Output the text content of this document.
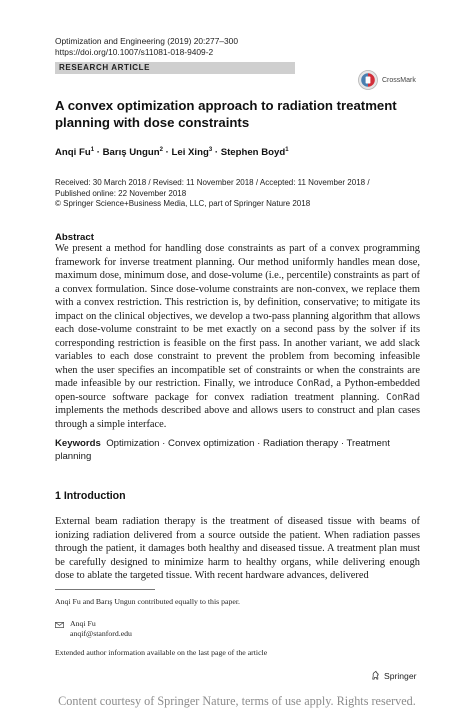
Optimization and Engineering (2019) 20:277–300
https://doi.org/10.1007/s11081-018-9409-2
RESEARCH ARTICLE
CrossMark
A convex optimization approach to radiation treatment
planning with dose constraints
Anqi $Fu^1$ · Barış Ungun$^2$ · Lei Xing$^3$ · Stephen Boyd$^1$
Received: 30 March 2018 / Revised: 11 November 2018 / Accepted: 11 November 2018 /
Published online: 22 November 2018
© Springer Science+Business Media, LLC, part of Springer Nature 2018
Abstract
We present a method for handling dose constraints as part of a convex programming framework for inverse treatment planning. Our method uniformly handles mean dose, maximum dose, minimum dose, and dose-volume (i.e., percentile) constraints as part of a convex formulation. Since dose-volume constraints are non-convex, we replace them with a convex restriction. This restriction is, by definition, conservative; to mitigate its impact on the clinical objectives, we develop a two-pass planning algorithm that allows each dose-volume constraint to be met exactly on a second pass by the solver if its corresponding restriction is feasible on the first pass. In another variant, we add slack variables to each dose constraint to prevent the problem from becoming infeasible when the user specifies an incompatible set of constraints or when the constraints are made infeasible by our restriction. Finally, we introduce ConRad, a Python-embedded open-source software package for convex radiation treatment planning. ConRad implements the methods described above and allows users to construct and plan cases through a simple interface.
Keywords Optimization · Convex optimization · Radiation therapy · Treatment planning
1 Introduction
External beam radiation therapy is the treatment of diseased tissue with beams of ionizing radiation delivered from a source outside the patient. When radiation passes through the patient, it damages both healthy and diseased tissue. A treatment plan must be carefully designed to minimize harm to healthy organs, while delivering enough dose to ablate the targeted tissue. With recent hardware advances, delivered
Anqi Fu and Barış Ungun contributed equally to this paper.
Anqi Fu
anqif@stanford.edu
Extended author information available on the last page of the article
Springer
Content courtesy of Springer Nature, terms of use apply. Rights reserved.
